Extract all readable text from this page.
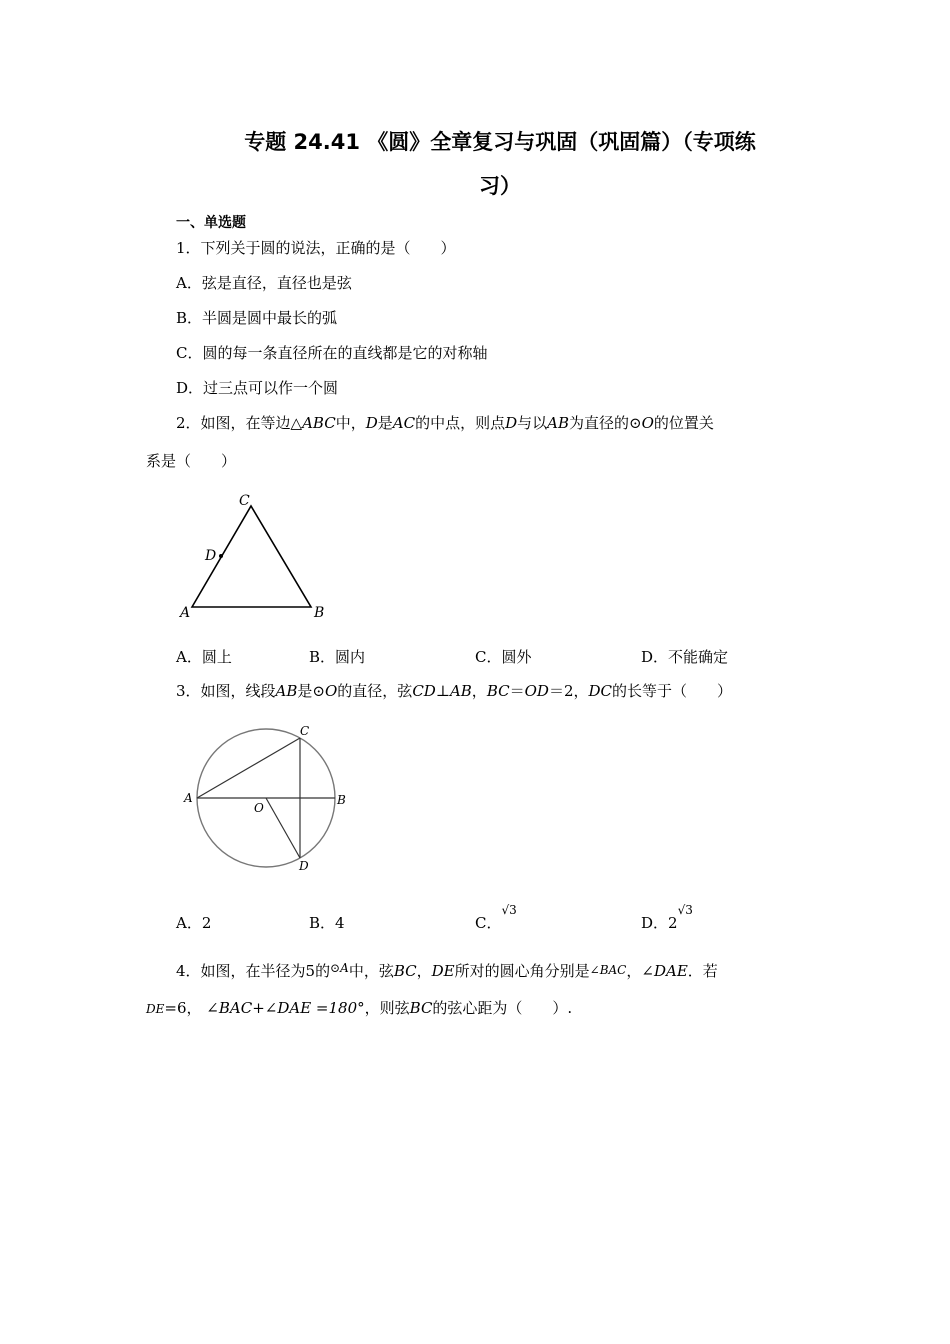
专题 24.41 《圆》全章复习与巩固（巩固篇）（专项练
习）
一、单选题
1．下列关于圆的说法，正确的是（　　）
A．弦是直径，直径也是弦
B．半圆是圆中最长的弧
C．圆的每一条直径所在的直线都是它的对称轴
D．过三点可以作一个圆
2．如图，在等边△ABC中，D是AC的中点，则点D与以AB为直径的⊙O的位置关
系是（　　）
C
D
A	B
A．圆上	B．圆内	C．圆外	D．不能确定
3．如图，线段AB是⊙O的直径，弦CD⊥AB，BC＝OD＝2，DC的长等于（　　）
C
A	B
O
D
A．2	B．4	C．$^{√3}$
D．$2^{√3}$
4．如图，在半径为5的$^{⊙A}$中，弦BC，DE所对的圆心角分别是∠BAC，∠DAE．若
DE=6， ∠BAC+∠DAE =180°，则弦BC的弦心距为（　　）.
